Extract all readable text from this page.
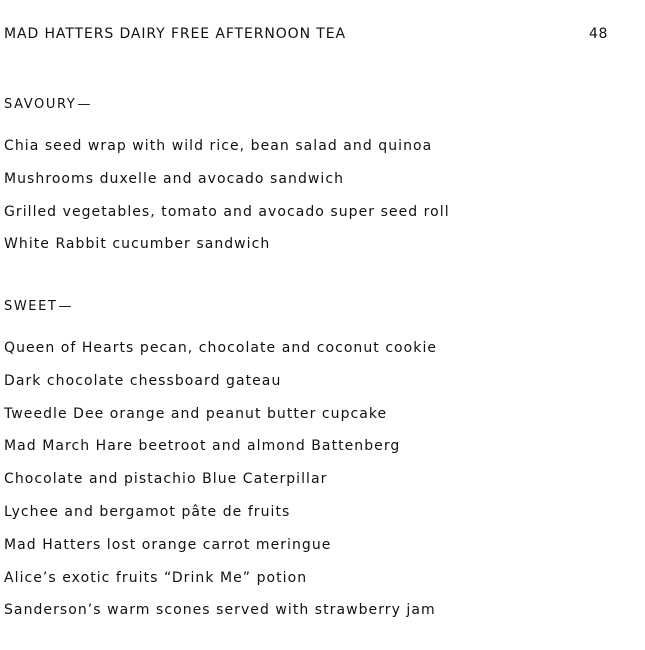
MAD HATTERS DAIRY FREE AFTERNOON TEA	48
SAVOURY—
Chia seed wrap with wild rice, bean salad and quinoa
Mushrooms duxelle and avocado sandwich
Grilled vegetables, tomato and avocado super seed roll
White Rabbit cucumber sandwich
SWEET—
Queen of Hearts pecan, chocolate and coconut cookie
Dark chocolate chessboard gateau
Tweedle Dee orange and peanut butter cupcake
Mad March Hare beetroot and almond Battenberg
Chocolate and pistachio Blue Caterpillar
Lychee and bergamot pâte de fruits
Mad Hatters lost orange carrot meringue
Alice’s exotic fruits “Drink Me” potion
Sanderson’s warm scones served with strawberry jam
